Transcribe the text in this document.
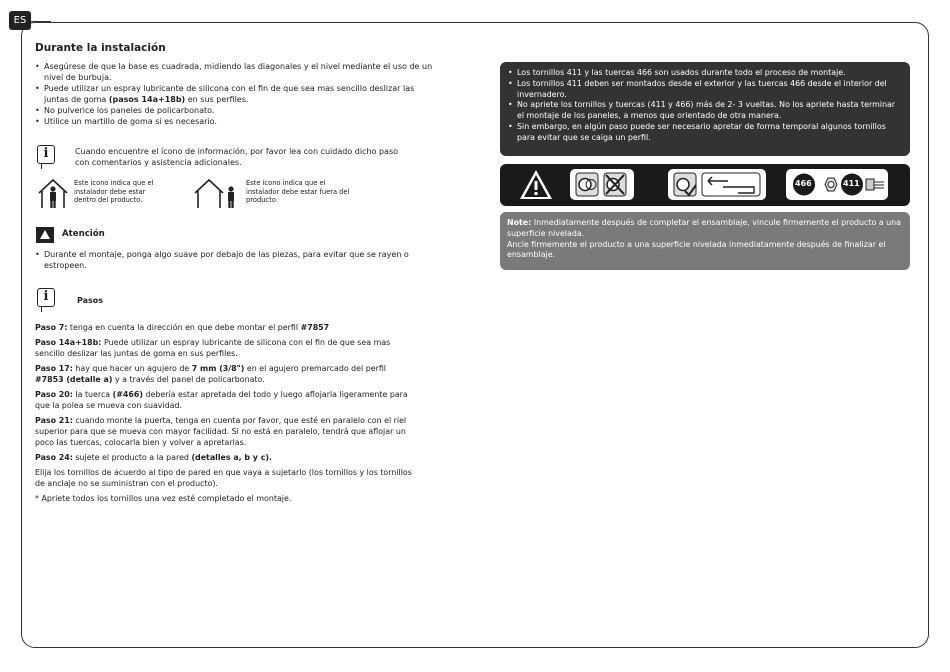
ES
Durante la instalación
• Asegúrese de que la base es cuadrada, midiendo las diagonales y el nivel mediante el uso de un nivel de burbuja.
• Puede utilizar un espray lubricante de silicona con el fin de que sea mas sencillo deslizar las juntas de goma (pasos 14a+18b) en sus perfiles.
• No pulverice los paneles de policarbonato.
• Utilice un martillo de goma si es necesario.
i	Cuando encuentre el ícono de información, por favor lea con cuidado dicho paso con comentarios y asistencia adicionales.
Este icono indica que el instalador debe estar dentro del producto.
Este icono indica que el instalador debe estar fuera del producto.
Atención
• Durante el montaje, ponga algo suave por debajo de las piezas, para evitar que se rayen o estropeen.
i	Pasos

Paso 7: tenga en cuenta la dirección en que debe montar el perfil #7857

Paso 14a+18b: Puede utilizar un espray lubricante de silicona con el fin de que sea mas sencillo deslizar las juntas de goma en sus perfiles.

Paso 17: hay que hacer un agujero de 7 mm (3/8") en el agujero premarcado del perfil #7853 (detalle a) y a través del panel de policarbonato.

Paso 20: la tuerca (#466) debería estar apretada del todo y luego aflojarla ligeramente para que la polea se mueva con suavidad.

Paso 21: cuando monte la puerta, tenga en cuenta por favor, que esté en paralelo con el riel superior para que se mueva con mayor facilidad. Si no está en paralelo, tendrá que aflojar un poco las tuercas, colocarla bien y volver a apretarlas.

Paso 24: sujete el producto a la pared (detalles a, b y c).

Elija los tornillos de acuerdo al tipo de pared en que vaya a sujetarlo (los tornillos y los tornillos de anclaje no se suministran con el producto).

* Apriete todos los tornillos una vez esté completado el montaje.

• Los tornillos 411 y las tuercas 466 son usados durante todo el proceso de montaje.
• Los tornillos 411 deben ser montados desde el exterior y las tuercas 466 desde el interior del invernadero.
• No apriete los tornillos y tuercas (411 y 466) más de 2- 3 vueltas. No los apriete hasta terminar el montaje de los paneles, a menos que orientado de otra manera.
• Sin embargo, en algún paso puede ser necesario apretar de forma temporal algunos tornillos para evitar que se caiga un perfil.
466	411

Note: Inmediatamente después de completar el ensamblaje, vincule firmemente el producto a una superficie nivelada.

Ancle firmemente el producto a una superficie nivelada inmediatamente después de finalizar el ensamblaje.
